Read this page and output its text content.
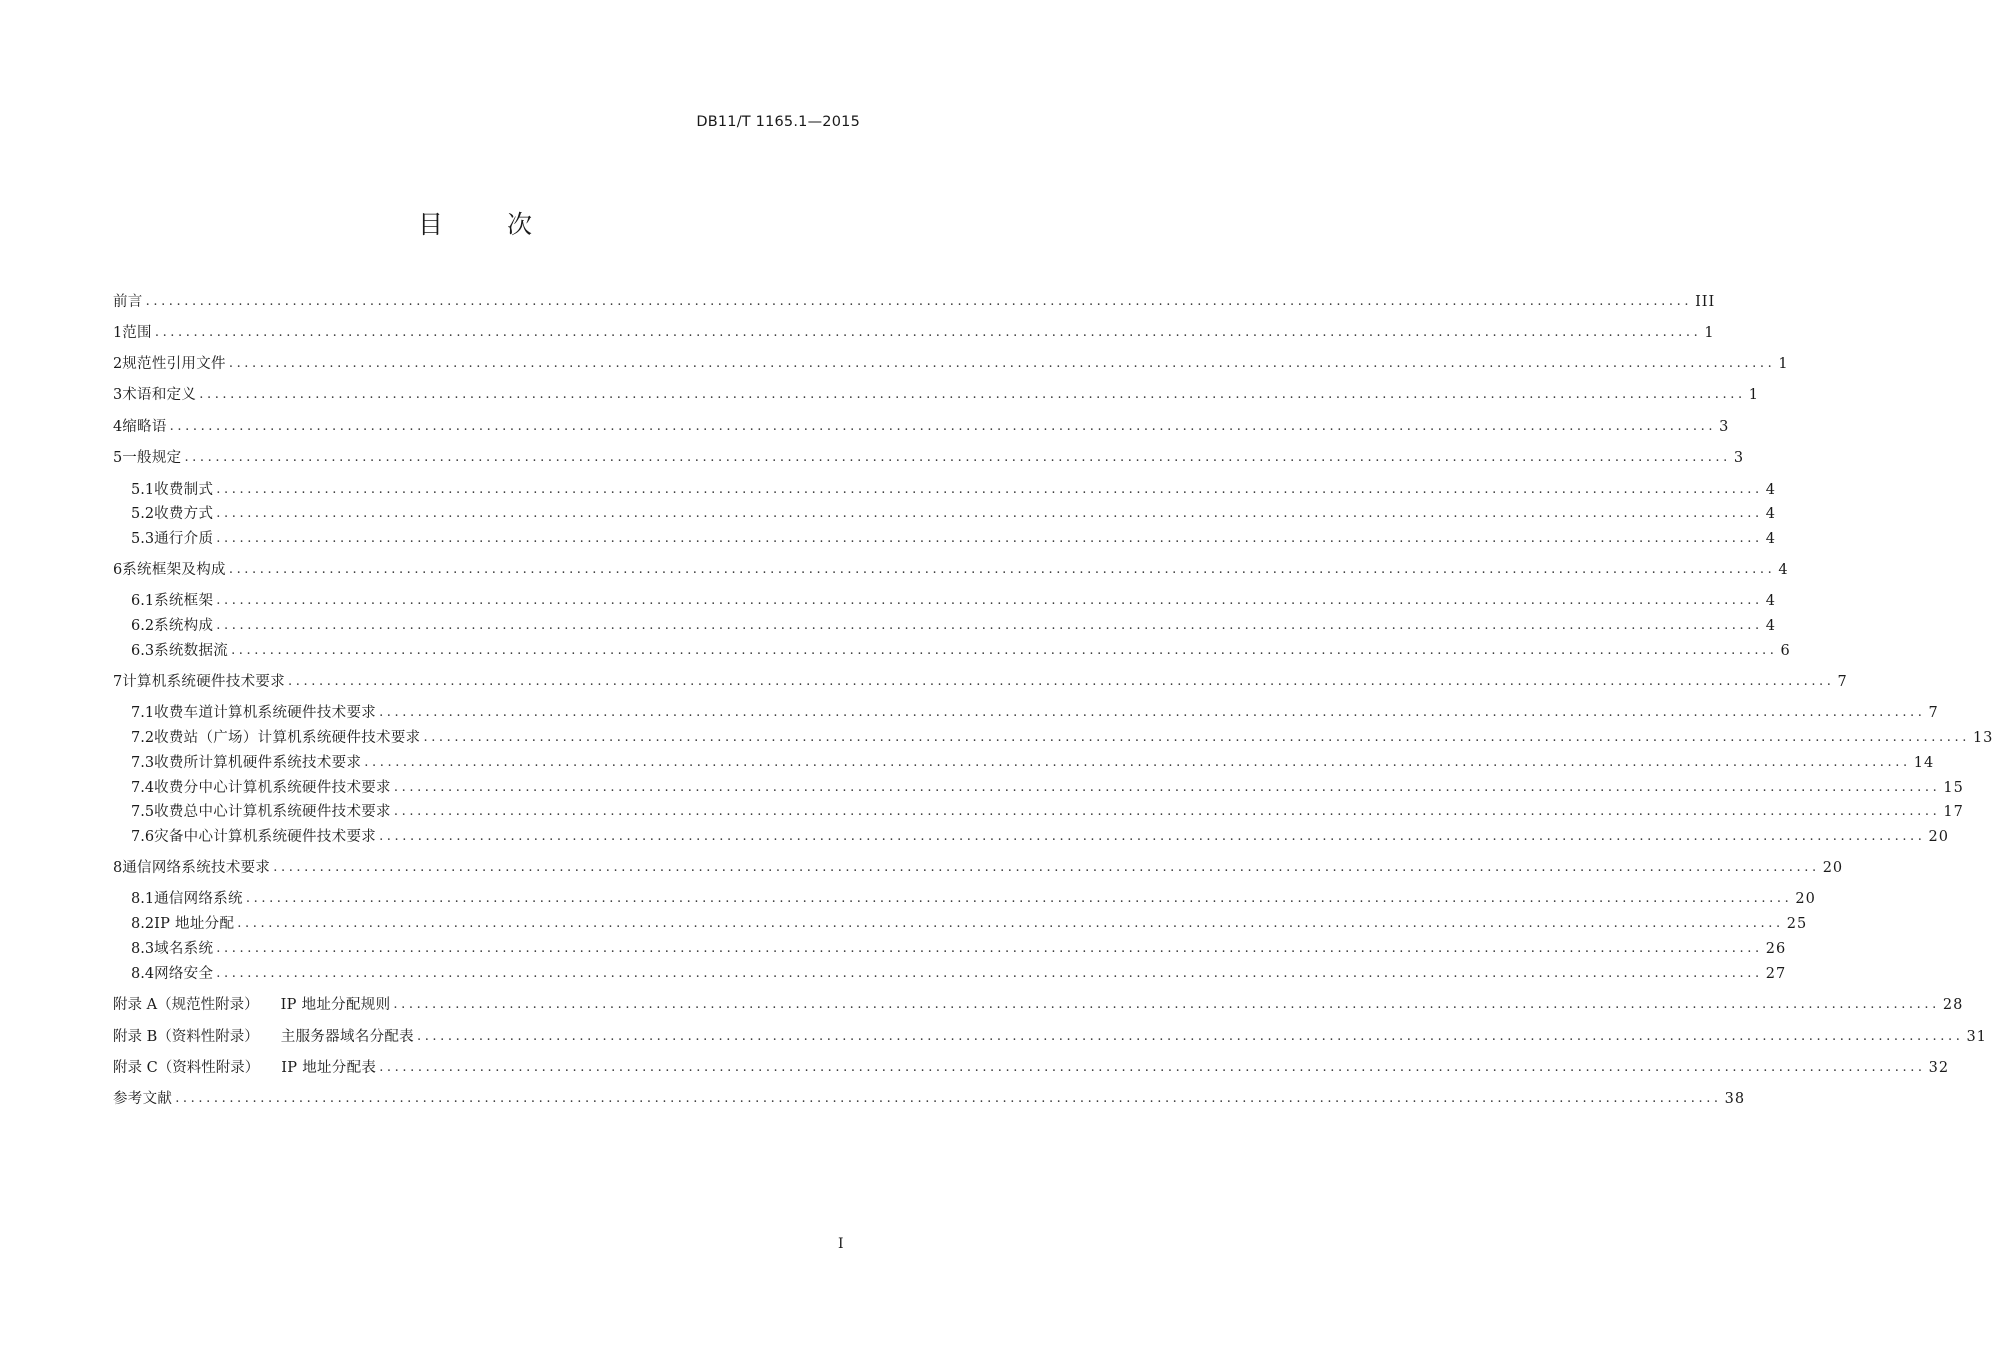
DB11/T 1165.1—2015
目 次
前言 ........................................................................................................................................................................................................ III
1 范围 ........................................................................................................................................................................................................ 1
2 规范性引用文件 ........................................................................................................................................................................................................ 1
3 术语和定义 ........................................................................................................................................................................................................ 1
4 缩略语 ........................................................................................................................................................................................................ 3
5 一般规定 ........................................................................................................................................................................................................ 3
5.1 收费制式 ........................................................................................................................................................................................................ 4
5.2 收费方式 ........................................................................................................................................................................................................ 4
5.3 通行介质 ........................................................................................................................................................................................................ 4
6 系统框架及构成 ........................................................................................................................................................................................................ 4
6.1 系统框架 ........................................................................................................................................................................................................ 4
6.2 系统构成 ........................................................................................................................................................................................................ 4
6.3 系统数据流 ........................................................................................................................................................................................................ 6
7 计算机系统硬件技术要求 ........................................................................................................................................................................................................ 7
7.1 收费车道计算机系统硬件技术要求 ........................................................................................................................................................................................................ 7
7.2 收费站（广场）计算机系统硬件技术要求 ........................................................................................................................................................................................................ 13
7.3 收费所计算机硬件系统技术要求 ........................................................................................................................................................................................................ 14
7.4 收费分中心计算机系统硬件技术要求 ........................................................................................................................................................................................................ 15
7.5 收费总中心计算机系统硬件技术要求 ........................................................................................................................................................................................................ 17
7.6 灾备中心计算机系统硬件技术要求 ........................................................................................................................................................................................................ 20
8 通信网络系统技术要求 ........................................................................................................................................................................................................ 20
8.1 通信网络系统 ........................................................................................................................................................................................................ 20
8.2 IP 地址分配 ........................................................................................................................................................................................................ 25
8.3 域名系统 ........................................................................................................................................................................................................ 26
8.4 网络安全 ........................................................................................................................................................................................................ 27
附录 A（规范性附录） IP 地址分配规则 ........................................................................................................................................................................................................ 28
附录 B（资料性附录） 主服务器域名分配表 ........................................................................................................................................................................................................ 31
附录 C（资料性附录） IP 地址分配表 ........................................................................................................................................................................................................ 32
参考文献 ........................................................................................................................................................................................................ 38
I
